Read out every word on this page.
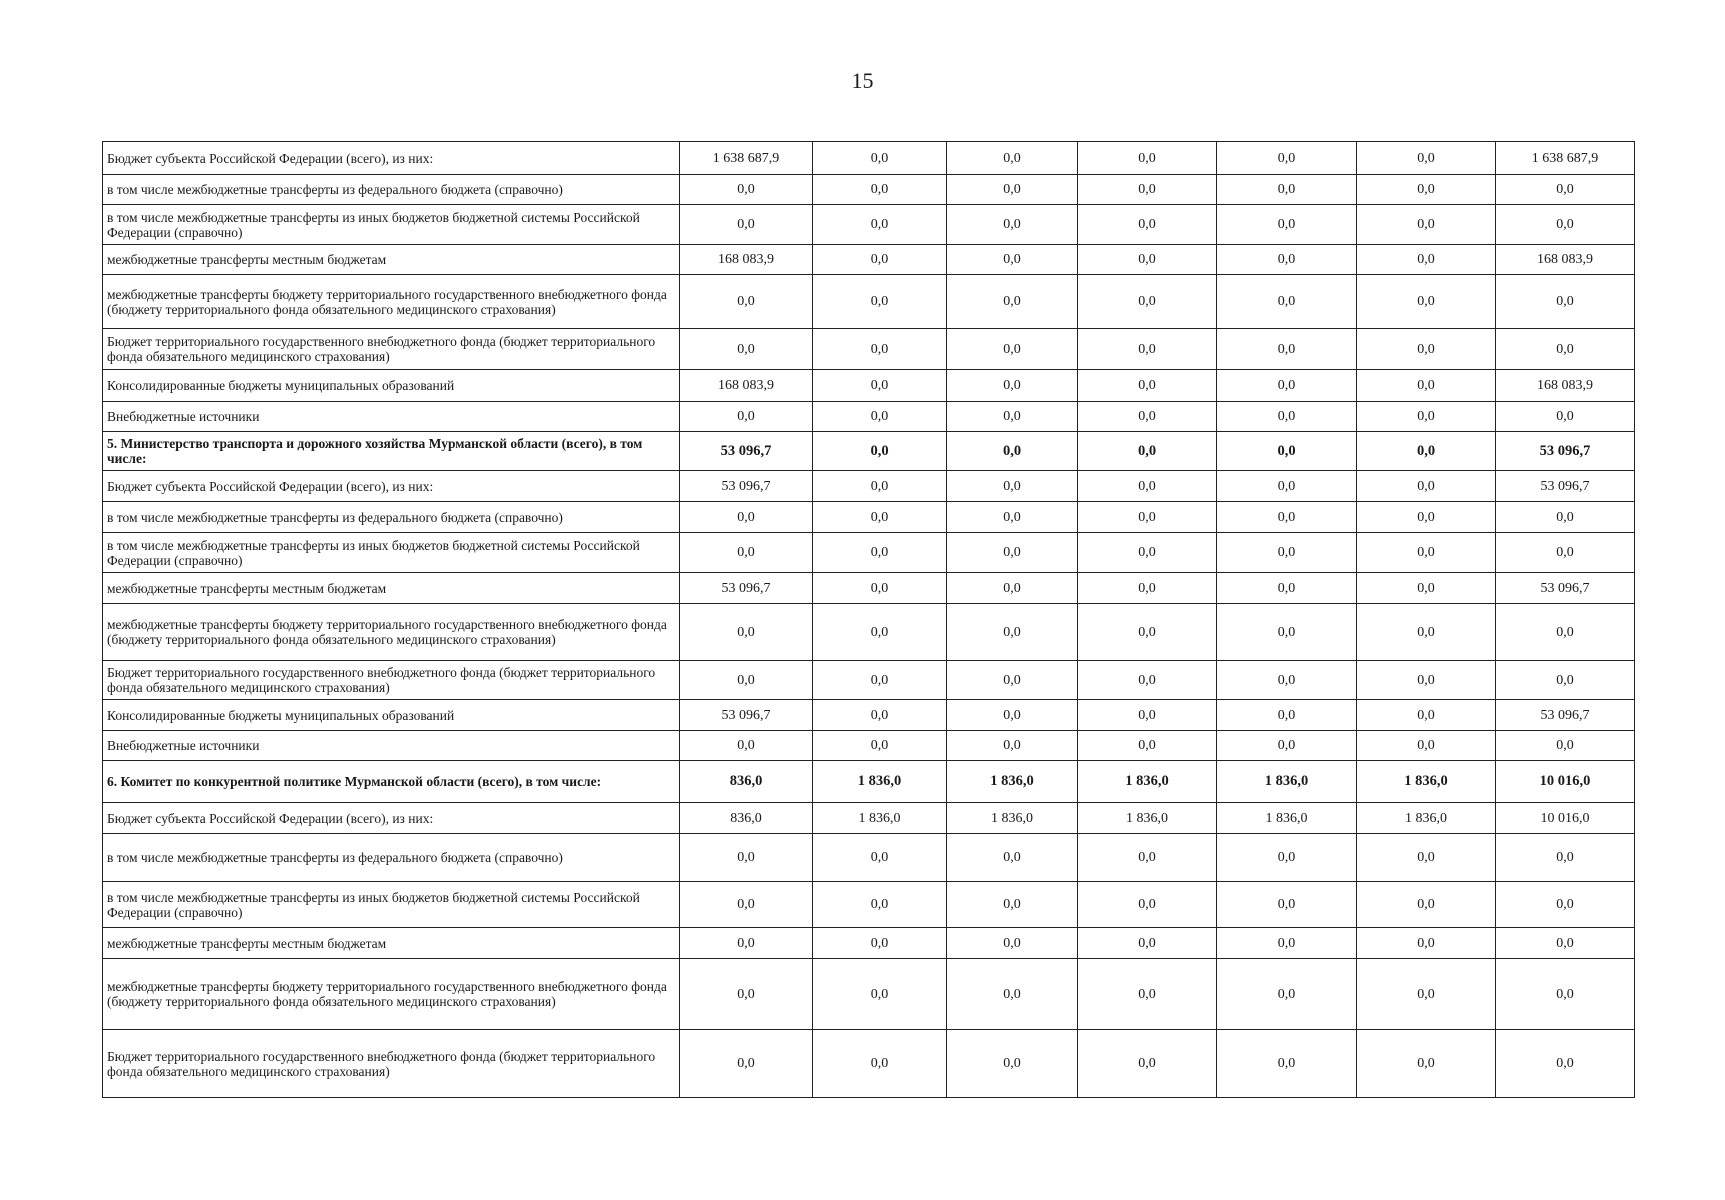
15
Бюджет субъекта Российской Федерации (всего), из них:	1 638 687,9	0,0	0,0	0,0	0,0	0,0	1 638 687,9
в том числе межбюджетные трансферты из федерального бюджета (справочно)	0,0	0,0	0,0	0,0	0,0	0,0	0,0
в том числе межбюджетные трансферты из иных бюджетов бюджетной системы Российской Федерации (справочно)	0,0	0,0	0,0	0,0	0,0	0,0	0,0
межбюджетные трансферты местным бюджетам	168 083,9	0,0	0,0	0,0	0,0	0,0	168 083,9
межбюджетные трансферты бюджету территориального государственного внебюджетного фонда (бюджету территориального фонда обязательного медицинского страхования)	0,0	0,0	0,0	0,0	0,0	0,0	0,0
Бюджет территориального государственного внебюджетного фонда (бюджет территориального фонда обязательного медицинского страхования)	0,0	0,0	0,0	0,0	0,0	0,0	0,0
Консолидированные бюджеты муниципальных образований	168 083,9	0,0	0,0	0,0	0,0	0,0	168 083,9
Внебюджетные источники	0,0	0,0	0,0	0,0	0,0	0,0	0,0
5. Министерство транспорта и дорожного хозяйства Мурманской области (всего), в том числе:	53 096,7	0,0	0,0	0,0	0,0	0,0	53 096,7
Бюджет субъекта Российской Федерации (всего), из них:	53 096,7	0,0	0,0	0,0	0,0	0,0	53 096,7
в том числе межбюджетные трансферты из федерального бюджета (справочно)	0,0	0,0	0,0	0,0	0,0	0,0	0,0
в том числе межбюджетные трансферты из иных бюджетов бюджетной системы Российской Федерации (справочно)	0,0	0,0	0,0	0,0	0,0	0,0	0,0
межбюджетные трансферты местным бюджетам	53 096,7	0,0	0,0	0,0	0,0	0,0	53 096,7
межбюджетные трансферты бюджету территориального государственного внебюджетного фонда (бюджету территориального фонда обязательного медицинского страхования)	0,0	0,0	0,0	0,0	0,0	0,0	0,0
Бюджет территориального государственного внебюджетного фонда (бюджет территориального фонда обязательного медицинского страхования)	0,0	0,0	0,0	0,0	0,0	0,0	0,0
Консолидированные бюджеты муниципальных образований	53 096,7	0,0	0,0	0,0	0,0	0,0	53 096,7
Внебюджетные источники	0,0	0,0	0,0	0,0	0,0	0,0	0,0
6. Комитет по конкурентной политике Мурманской области (всего), в том числе:	836,0	1 836,0	1 836,0	1 836,0	1 836,0	1 836,0	10 016,0
Бюджет субъекта Российской Федерации (всего), из них:	836,0	1 836,0	1 836,0	1 836,0	1 836,0	1 836,0	10 016,0
в том числе межбюджетные трансферты из федерального бюджета (справочно)	0,0	0,0	0,0	0,0	0,0	0,0	0,0
в том числе межбюджетные трансферты из иных бюджетов бюджетной системы Российской Федерации (справочно)	0,0	0,0	0,0	0,0	0,0	0,0	0,0
межбюджетные трансферты местным бюджетам	0,0	0,0	0,0	0,0	0,0	0,0	0,0
межбюджетные трансферты бюджету территориального государственного внебюджетного фонда (бюджету территориального фонда обязательного медицинского страхования)	0,0	0,0	0,0	0,0	0,0	0,0	0,0
Бюджет территориального государственного внебюджетного фонда (бюджет территориального фонда обязательного медицинского страхования)	0,0	0,0	0,0	0,0	0,0	0,0	0,0
